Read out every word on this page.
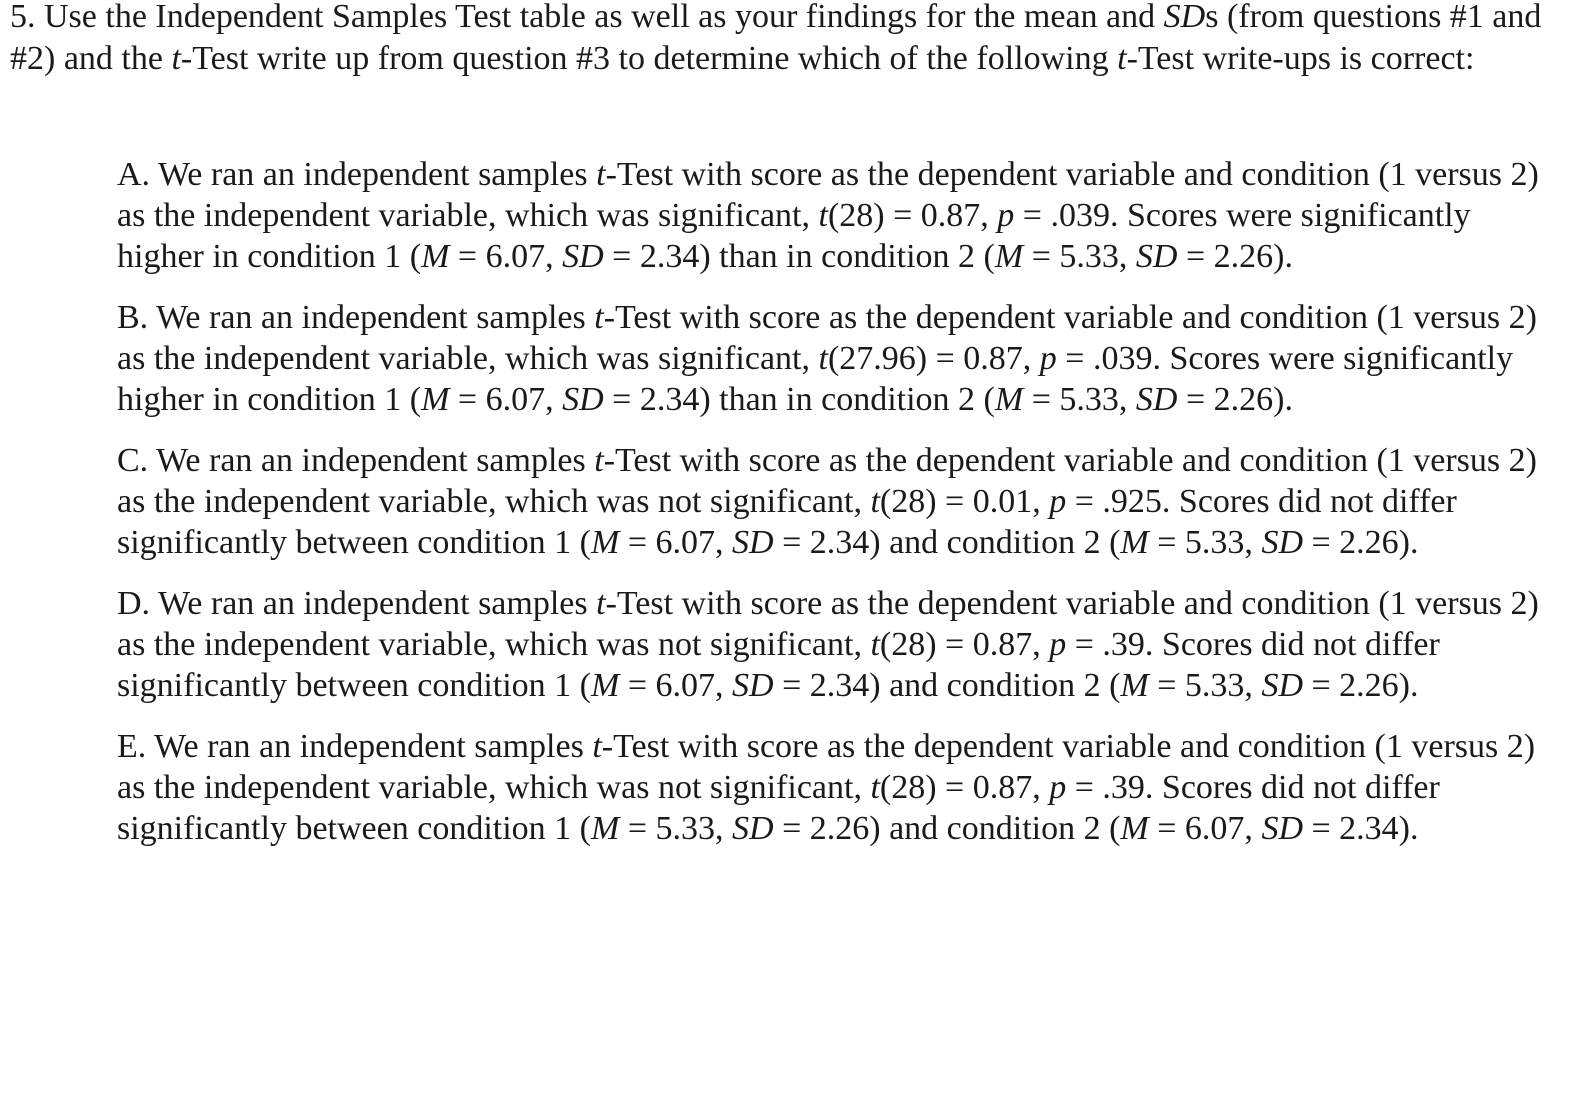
5. Use the Independent Samples Test table as well as your findings for the mean and SDs (from questions #1 and #2) and the t-Test write up from question #3 to determine which of the following t-Test write-ups is correct:

A. We ran an independent samples t-Test with score as the dependent variable and condition (1 versus 2) as the independent variable, which was significant, t(28) = 0.87, p = .039. Scores were significantly higher in condition 1 (M = 6.07, SD = 2.34) than in condition 2 (M = 5.33, SD = 2.26).
B. We ran an independent samples t-Test with score as the dependent variable and condition (1 versus 2) as the independent variable, which was significant, t(27.96) = 0.87, p = .039. Scores were significantly higher in condition 1 (M = 6.07, SD = 2.34) than in condition 2 (M = 5.33, SD = 2.26).
C. We ran an independent samples t-Test with score as the dependent variable and condition (1 versus 2) as the independent variable, which was not significant, t(28) = 0.01, p = .925. Scores did not differ significantly between condition 1 (M = 6.07, SD = 2.34) and condition 2 (M = 5.33, SD = 2.26).
D. We ran an independent samples t-Test with score as the dependent variable and condition (1 versus 2) as the independent variable, which was not significant, t(28) = 0.87, p = .39. Scores did not differ significantly between condition 1 (M = 6.07, SD = 2.34) and condition 2 (M = 5.33, SD = 2.26).
E. We ran an independent samples t-Test with score as the dependent variable and condition (1 versus 2) as the independent variable, which was not significant, t(28) = 0.87, p = .39. Scores did not differ significantly between condition 1 (M = 5.33, SD = 2.26) and condition 2 (M = 6.07, SD = 2.34).
